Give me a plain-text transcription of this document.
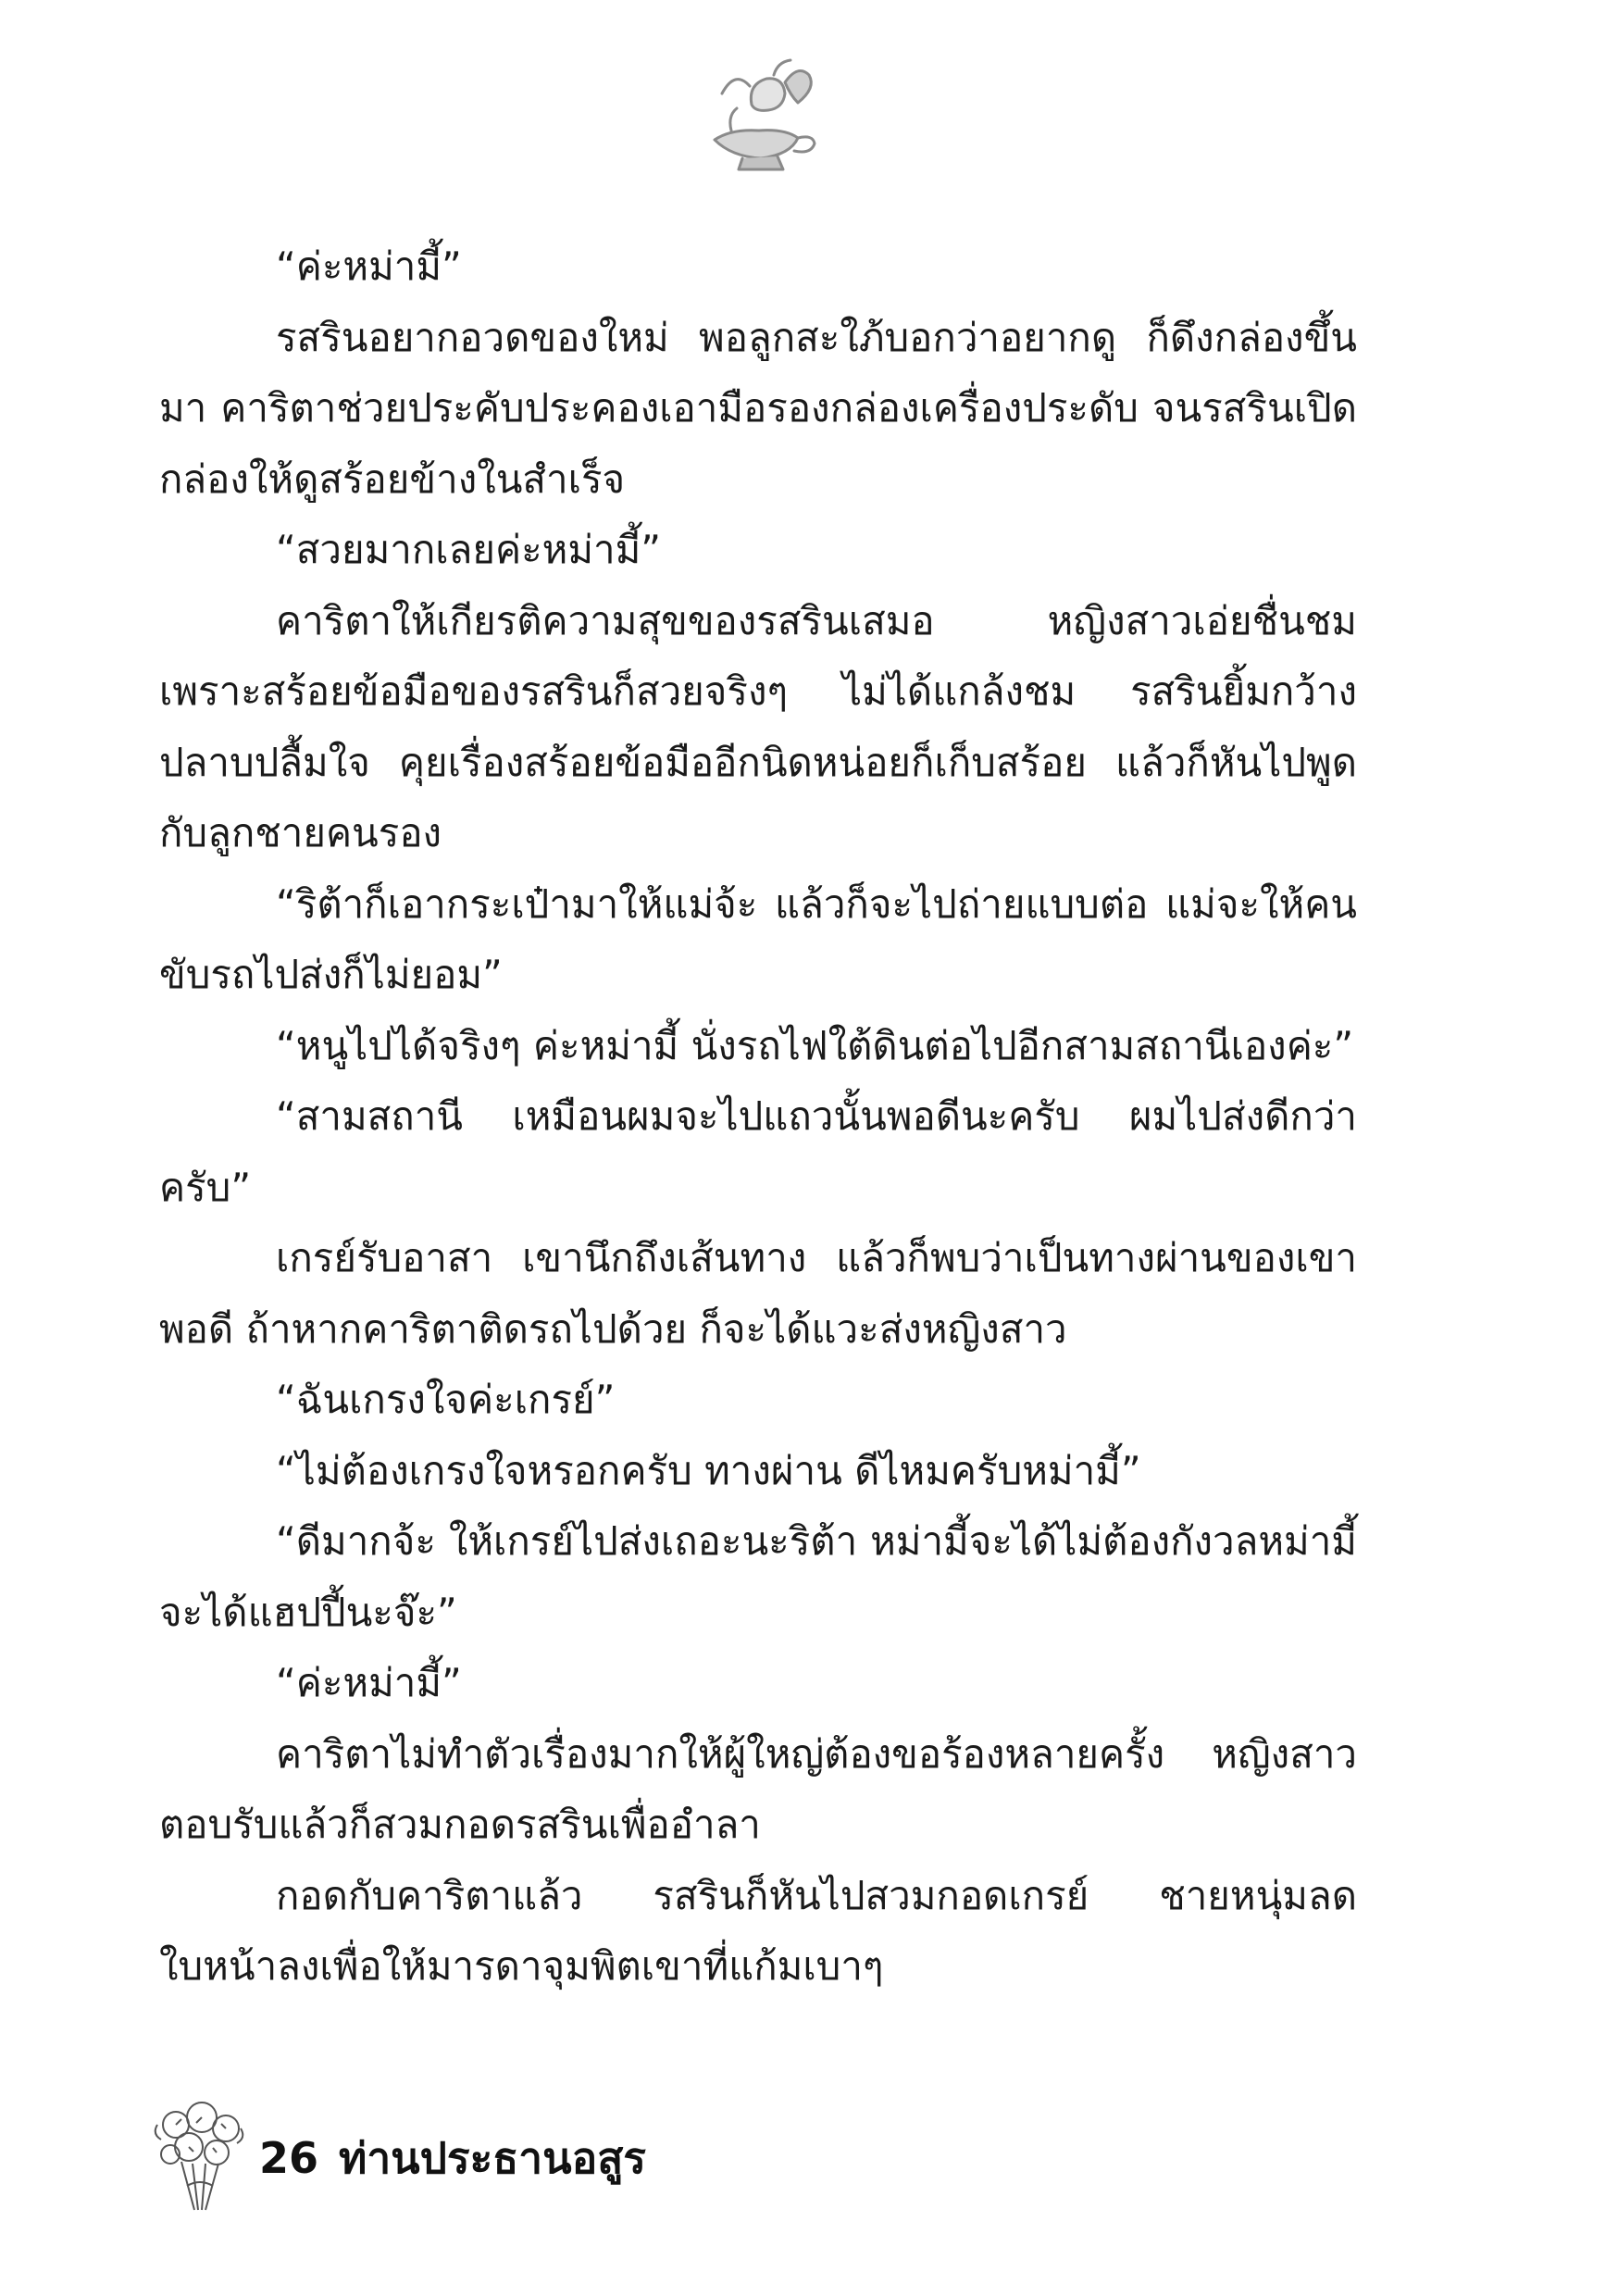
“ค่ะหม่ามี้”

รสรินอยากอวดของใหม่ พอลูกสะใภ้บอกว่าอยากดู ก็ดึงกล่องขึ้นมา คาริตาช่วยประคับประคองเอามือรองกล่องเครื่องประดับ จนรสรินเปิดกล่องให้ดูสร้อยข้างในสำเร็จ

“สวยมากเลยค่ะหม่ามี้”

คาริตาให้เกียรติความสุขของรสรินเสมอ หญิงสาวเอ่ยชื่นชมเพราะสร้อยข้อมือของรสรินก็สวยจริงๆ ไม่ได้แกล้งชม รสรินยิ้มกว้างปลาบปลื้มใจ คุยเรื่องสร้อยข้อมืออีกนิดหน่อยก็เก็บสร้อย แล้วก็หันไปพูดกับลูกชายคนรอง

“ริต้าก็เอากระเป๋ามาให้แม่จ้ะ แล้วก็จะไปถ่ายแบบต่อ แม่จะให้คนขับรถไปส่งก็ไม่ยอม”

“หนูไปได้จริงๆ ค่ะหม่ามี้ นั่งรถไฟใต้ดินต่อไปอีกสามสถานีเองค่ะ”

“สามสถานี เหมือนผมจะไปแถวนั้นพอดีนะครับ ผมไปส่งดีกว่าครับ”

เกรย์รับอาสา เขานึกถึงเส้นทาง แล้วก็พบว่าเป็นทางผ่านของเขาพอดี ถ้าหากคาริตาติดรถไปด้วย ก็จะได้แวะส่งหญิงสาว

“ฉันเกรงใจค่ะเกรย์”

“ไม่ต้องเกรงใจหรอกครับ ทางผ่าน ดีไหมครับหม่ามี้”

“ดีมากจ้ะ ให้เกรย์ไปส่งเถอะนะริต้า หม่ามี้จะได้ไม่ต้องกังวลหม่ามี้จะได้แฮปปี้นะจ๊ะ”

“ค่ะหม่ามี้”

คาริตาไม่ทำตัวเรื่องมากให้ผู้ใหญ่ต้องขอร้องหลายครั้ง หญิงสาวตอบรับแล้วก็สวมกอดรสรินเพื่ออำลา

กอดกับคาริตาแล้ว รสรินก็หันไปสวมกอดเกรย์ ชายหนุ่มลดใบหน้าลงเพื่อให้มารดาจุมพิตเขาที่แก้มเบาๆ

26 ท่านประธานอสูร
